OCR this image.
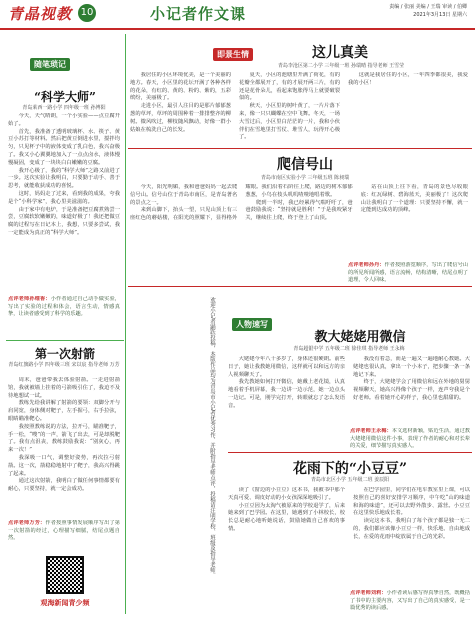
青晶视教 10	小记者作文课	责编 / 张丽 美编 / 王瑞 审读 / 伯卿
2021年3月13日 星期六
随笔琐记
“科学大师”
青岛莱西一路小学 四年级一班 孙博阳

今天，天气晴朗，一个小实验——点豆腐开始了。

首先，我准备了透明玻璃杯、水、筷子、黄豆小苏打等材料。然后把黄豆倒进水里，搅拌均匀，只见杯子中的液体变成了乳白色，我兴奋极了。我又小心翼翼地加入了一点点卤水，液体慢慢凝固，变成了一块块白白嫩嫩的豆腐。

我开心极了，我的“科学大师”之路又前进了一步。这次实验让我明白，只要勤于动手、善于思考，就能收获成功的喜悦。

这时，妈妈走了过来，看到我的成果，夸我是个“小科学家”，我心里美滋滋的。

由于家中有电炉，于是准备把豆腐煮熟尝一尝，豆腐软软嫩嫩的，味道好极了！我还把做豆腐的过程写在日记本上，我想，只要多尝试，我一定能成为真正的“科学大师”。

点评老师孙维香：小作者通过自己动手做实验，写出了实验的过程和体会，语言生动，情感真挚，让读者感受到了科学的乐趣。
第一次射箭
青岛红旗路小学 四年级三班 宋以宸 指导老师 万芳

周末，爸爸带我去体验射箭。一走进射箭馆，我就被墙上挂着的弓箭吸引住了，我迫不及待地想试一试。

教练先给我讲解了射箭的要领：双脚分开与肩同宽，身体侧对靶子，左手握弓，右手拉弦，眼睛瞄准靶心。

我按照教练说的方法，拉开弓，瞄准靶子，手一松，“嗖”的一声，箭飞了出去，可是却脱靶了。我有点沮丧，教练鼓励我说：“别灰心，再来一次！”

我深吸一口气，调整好姿势，再次拉弓射箭。这一次，箭稳稳地射中了靶子，我高兴得跳了起来。

通过这次射箭，我明白了做任何事情都要有耐心，只要坚持，就一定会成功。

点评老师万芳：作者按照事情发展顺序写出了第一次射箭的经过，心理描写细腻，结尾点题自然。
观海新闻青少频
即景生情	这儿真美
青岛李沧区第二小学 三年级一班 孙瑞晴 指导老师 王雪莹

我居住的小区环境优美，是一个美丽的地方。春天，小区里的花坛开满了各种各样的花朵，有红的、黄的、粉的、紫的，五彩缤纷，美丽极了。

走进小区，最引人注目的是那片郁郁葱葱的草坪，草坪的周围种着一排排整齐的柳树。微风吹过，柳枝随风飘动，好像一群小姑娘在梳洗自己的长发。

夏天，小区的池塘里开满了荷花，有的花瓣全都展开了，有的才展开两三片，有的还是花骨朵儿，看起来饱胀得马上就要破裂似的。

秋天，小区里的树叶黄了，一片片落下来，像一只只蝴蝶在空中飞舞。冬天，一场大雪过后，小区里白茫茫的一片，我和小伙伴们在雪地里打雪仗、堆雪人，玩得开心极了。

这就是我居住的小区，一年四季都很美，我爱我的小区！

爬信号山
青岛市南区实验小学 三年级五班 陈昶瑞

今天，阳光明媚，我和爸爸妈妈一起去爬信号山。信号山位于青岛市南区，是青岛著名的景点之一。

来到山脚下，抬头一望，只见山顶上有三座红色的蘑菇楼，在阳光的照耀下，显得格外耀眼。我们沿着石阶往上爬，路边的树木郁郁葱葱，小鸟在枝头叽叽喳喳地唱着歌。

爬到一半时，我已经累得气喘吁吁了，爸爸鼓励我说：“坚持就是胜利！”于是我咬紧牙关，继续往上爬，终于登上了山顶。

站在山顶上往下看，青岛的景色尽收眼底：红瓦绿树、碧海蓝天，美丽极了！这次爬山让我明白了一个道理：只要坚持不懈，就一定能到达成功的顶峰。

点评老师孙丹：作者按照游览顺序，写出了爬信号山的所见所闻所感，语言流畅，结构清晰，结尾点明了道理，令人回味。
人物速写
教大姥姥用微信
青岛超银中学 五年级二班 徐佳琪 指导老师 王永梅

大姥姥今年八十多岁了，身体还很硬朗。前些日子，她让我教她用微信，这样就可以和远方的亲人视频聊天了。

我先教她如何打开微信，她戴上老花镜，认真地看着手机屏幕，我一边讲一边示范，她一边点头一边记。可是，刚学完打开，转眼就忘了怎么发语音。

我没有着急，而是一遍又一遍地耐心教她。大姥姥也很认真，拿出一个小本子，把步骤一条一条地记下来。

终于，大姥姥学会了用微信和远在外地的舅舅视频聊天，她高兴得像个孩子一样，连声夸我是个好老师。看着她开心的样子，我心里也甜甜的。

点评老师王永梅：本文选材新颖，贴近生活，通过教大姥姥用微信这件小事，表现了作者的耐心和对长辈的关爱，细节描写真实感人。
欢迎小记者踊跃投稿，本版作品均为青岛市小记者优秀习作，并附指导老师点评，投稿请注明学校、班级及指导老师。	花雨下的“小豆豆”
青岛市北区小学 五年级二班 姜辰阳

读了《窗边的小豆豆》这本书，我被书中那个天真可爱、调皮好动的小女孩深深地吸引了。

小豆豆因为太淘气被原来的学校退学了，后来她来到了巴学园。在这里，她遇到了小林校长，校长总是耐心地听她说话，鼓励她做自己喜欢的事情。

在巴学园里，同学们在电车教室里上课，可以按照自己的喜好安排学习顺序，中午吃“山的味道和海的味道”，还可以去野外散步、露营。小豆豆在这里快乐地成长着。

读完这本书，我明白了每个孩子都是独一无二的，我们都应该像小豆豆一样，快乐地、自由地成长，在爱的花雨中绽放属于自己的光彩。

点评老师刘莉：小作者读后感写得真挚自然，既概括了书中的主要内容，又写出了自己的真实感受，是一篇优秀的读后感。
